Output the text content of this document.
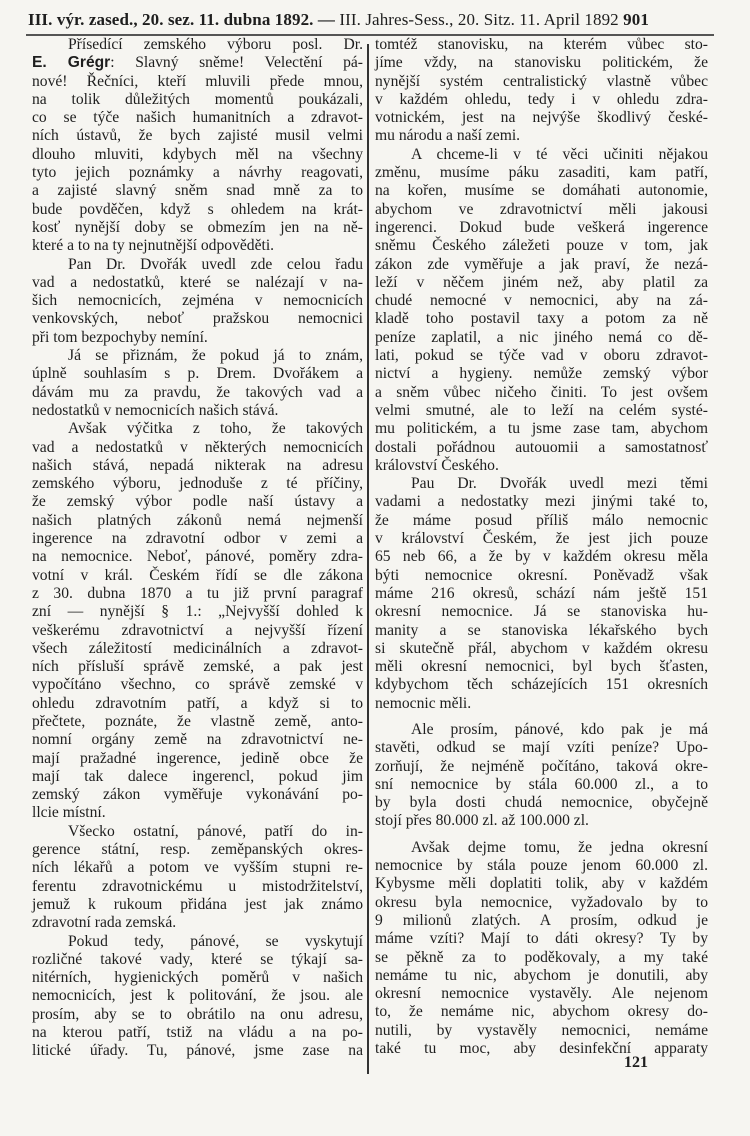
III. výr. zased., 20. sez. 11. dubna 1892. — III. Jahres-Sess., 20. Sitz. 11. April 1892 901
Přísedící zemského výboru posl. Dr.
E. Grégr: Slavný sněme! Velectění pá-
nové! Řečníci, kteří mluvili přede mnou,
na tolik důležitých momentů poukázali,
co se týče našich humanitních a zdravot-
ních ústavů, že bych zajisté musil velmi
dlouho mluviti, kdybych měl na všechny
tyto jejich poznámky a návrhy reagovati,
a zajisté slavný sněm snad mně za to
bude povděčen, když s ohledem na krát-
kosť nynější doby se obmezím jen na ně-
které a to na ty nejnutnější odpověděti.
Pan Dr. Dvořák uvedl zde celou řadu
vad a nedostatků, které se nalézají v na-
šich nemocnicích, zejména v nemocnicích
venkovských, neboť pražskou nemocnici
při tom bezpochyby nemíní.
Já se přiznám, že pokud já to znám,
úplně souhlasím s p. Drem. Dvořákem a
dávám mu za pravdu, že takových vad a
nedostatků v nemocnicích našich stává.
Avšak výčitka z toho, že takových
vad a nedostatků v některých nemocnicích
našich stává, nepadá nikterak na adresu
zemského výboru, jednoduše z té příčiny,
že zemský výbor podle naší ústavy a
našich platných zákonů nemá nejmenší
ingerence na zdravotní odbor v zemi a
na nemocnice. Neboť, pánové, poměry zdra-
votní v král. Českém řídí se dle zákona
z 30. dubna 1870 a tu již první paragraf
zní — nynější § 1.: „Nejvyšší dohled k
veškerému zdravotnictví a nejvyšší řízení
všech záležitostí medicinálních a zdravot-
ních přísluší správě zemské, a pak jest
vypočítáno všechno, co správě zemské v
ohledu zdravotním patří, a když si to
přečtete, poznáte, že vlastně země, anto-
nomní orgány země na zdravotnictví ne-
mají pražadné ingerence, jedině obce že
mají tak dalece ingerencl, pokud jim
zemský zákon vyměřuje vykonávání po-
llcie místní.
Všecko ostatní, pánové, patří do in-
gerence státní, resp. zeměpanských okres-
ních lékařů a potom ve vyšším stupni re-
ferentu zdravotnickému u mistodržitelství,
jemuž k rukoum přidána jest jak známo
zdravotní rada zemská.
Pokud tedy, pánové, se vyskytují
rozličné takové vady, které se týkají sa-
nitérních, hygienických poměrů v našich
nemocnicích, jest k politování, že jsou. ale
prosím, aby se to obrátilo na onu adresu,
na kterou patří, tstiž na vládu a na po-
litické úřady. Tu, pánové, jsme zase na
tomtéž stanovisku, na kterém vůbec sto-
jíme vždy, na stanovisku politickém, že
nynější systém centralistický vlastně vůbec
v každém ohledu, tedy i v ohledu zdra-
votnickém, jest na nejvýše škodlivý české-
mu národu a naší zemi.
A chceme-li v té věci učiniti nějakou
změnu, musíme páku zasaditi, kam patří,
na kořen, musíme se domáhati autonomie,
abychom ve zdravotnictví měli jakousi
ingerenci. Dokud bude veškerá ingerence
sněmu Českého záležeti pouze v tom, jak
zákon zde vyměřuje a jak praví, že nezá-
leží v něčem jiném než, aby platil za
chudé nemocné v nemocnici, aby na zá-
kladě toho postavil taxy a potom za ně
peníze zaplatil, a nic jiného nemá co dě-
lati, pokud se týče vad v oboru zdravot-
nictví a hygieny. nemůže zemský výbor
a sněm vůbec ničeho činiti. To jest ovšem
velmi smutné, ale to leží na celém systé-
mu politickém, a tu jsme zase tam, abychom
dostali pořádnou autouomii a samostatnosť
království Českého.
Pau Dr. Dvořák uvedl mezi těmi
vadami a nedostatky mezi jinými také to,
že máme posud příliš málo nemocnic
v království Českém, že jest jich pouze
65 neb 66, a že by v každém okresu měla
býti nemocnice okresní. Poněvadž však
máme 216 okresů, schází nám ještě 151
okresní nemocnice. Já se stanoviska hu-
manity a se stanoviska lékařského bych
si skutečně přál, abychom v každém okresu
měli okresní nemocnici, byl bych šťasten,
kdybychom těch scházejících 151 okresních
nemocnic měli.
Ale prosím, pánové, kdo pak je má
stavěti, odkud se mají vzíti peníze? Upo-
zorňují, že nejméně počítáno, taková okre-
sní nemocnice by stála 60.000 zl., a to
by byla dosti chudá nemocnice, obyčejně
stojí přes 80.000 zl. až 100.000 zl.
Avšak dejme tomu, že jedna okresní
nemocnice by stála pouze jenom 60.000 zl.
Kybysme měli doplatiti tolik, aby v každém
okresu byla nemocnice, vyžadovalo by to
9 milionů zlatých. A prosím, odkud je
máme vzíti? Mají to dáti okresy? Ty by
se pěkně za to poděkovaly, a my také
nemáme tu nic, abychom je donutili, aby
okresní nemocnice vystavěly. Ale nejenom
to, že nemáme nic, abychom okresy do-
nutili, by vystavěly nemocnici, nemáme
také tu moc, aby desinfekční apparaty
121
